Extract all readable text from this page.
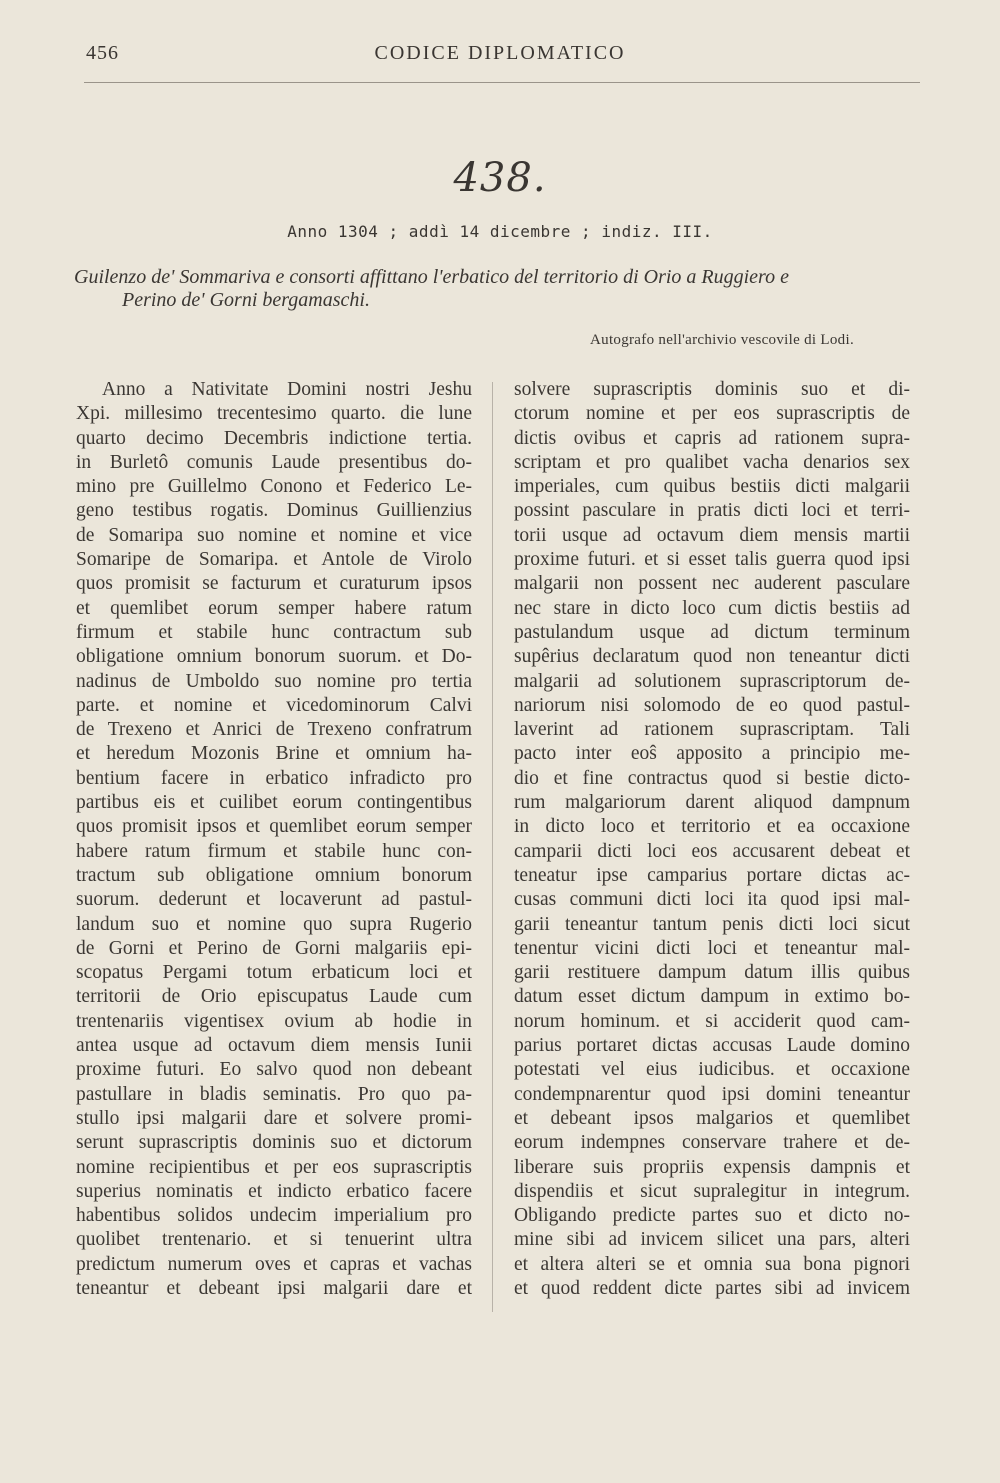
456	CODICE DIPLOMATICO
438.
Anno 1304 ; addì 14 dicembre ; indiz. III.
Guilenzo de' Sommariva e consorti affittano l'erbatico del territorio di Orio a Ruggiero e
Perino de' Gorni bergamaschi.
Autografo nell'archivio vescovile di Lodi.
Anno a Nativitate Domini nostri Jeshu
Xpi. millesimo trecentesimo quarto. die lune
quarto decimo Decembris indictione tertia.
in Burletô comunis Laude presentibus do-
mino pre Guillelmo Conono et Federico Le-
geno testibus rogatis. Dominus Guillienzius
de Somaripa suo nomine et nomine et vice
Somaripe de Somaripa. et Antole de Virolo
quos promisit se facturum et curaturum ipsos
et quemlibet eorum semper habere ratum
firmum et stabile hunc contractum sub
obligatione omnium bonorum suorum. et Do-
nadinus de Umboldo suo nomine pro tertia
parte. et nomine et vicedominorum Calvi
de Trexeno et Anrici de Trexeno confratrum
et heredum Mozonis Brine et omnium ha-
bentium facere in erbatico infradicto pro
partibus eis et cuilibet eorum contingentibus
quos promisit ipsos et quemlibet eorum semper
habere ratum firmum et stabile hunc con-
tractum sub obligatione omnium bonorum
suorum. dederunt et locaverunt ad pastul-
landum suo et nomine quo supra Rugerio
de Gorni et Perino de Gorni malgariis epi-
scopatus Pergami totum erbaticum loci et
territorii de Orio episcupatus Laude cum
trentenariis vigentisex ovium ab hodie in
antea usque ad octavum diem mensis Iunii
proxime futuri. Eo salvo quod non debeant
pastullare in bladis seminatis. Pro quo pa-
stullo ipsi malgarii dare et solvere promi-
serunt suprascriptis dominis suo et dictorum
nomine recipientibus et per eos suprascriptis
superius nominatis et indicto erbatico facere
habentibus solidos undecim imperialium pro
quolibet trentenario. et si tenuerint ultra
predictum numerum oves et capras et vachas
teneantur et debeant ipsi malgarii dare et
solvere suprascriptis dominis suo et di-
ctorum nomine et per eos suprascriptis de
dictis ovibus et capris ad rationem supra-
scriptam et pro qualibet vacha denarios sex
imperiales, cum quibus bestiis dicti malgarii
possint pasculare in pratis dicti loci et terri-
torii usque ad octavum diem mensis martii
proxime futuri. et si esset talis guerra quod ipsi
malgarii non possent nec auderent pasculare
nec stare in dicto loco cum dictis bestiis ad
pastulandum usque ad dictum terminum
supêrius declaratum quod non teneantur dicti
malgarii ad solutionem suprascriptorum de-
nariorum nisi solomodo de eo quod pastul-
laverint ad rationem suprascriptam. Tali
pacto inter eoŝ apposito a principio me-
dio et fine contractus quod si bestie dicto-
rum malgariorum darent aliquod dampnum
in dicto loco et territorio et ea occaxione
camparii dicti loci eos accusarent debeat et
teneatur ipse camparius portare dictas ac-
cusas communi dicti loci ita quod ipsi mal-
garii teneantur tantum penis dicti loci sicut
tenentur vicini dicti loci et teneantur mal-
garii restituere dampum datum illis quibus
datum esset dictum dampum in extimo bo-
norum hominum. et si acciderit quod cam-
parius portaret dictas accusas Laude domino
potestati vel eius iudicibus. et occaxione
condempnarentur quod ipsi domini teneantur
et debeant ipsos malgarios et quemlibet
eorum indempnes conservare trahere et de-
liberare suis propriis expensis dampnis et
dispendiis et sicut supralegitur in integrum.
Obligando predicte partes suo et dicto no-
mine sibi ad invicem silicet una pars, alteri
et altera alteri se et omnia sua bona pignori
et quod reddent dicte partes sibi ad invicem
